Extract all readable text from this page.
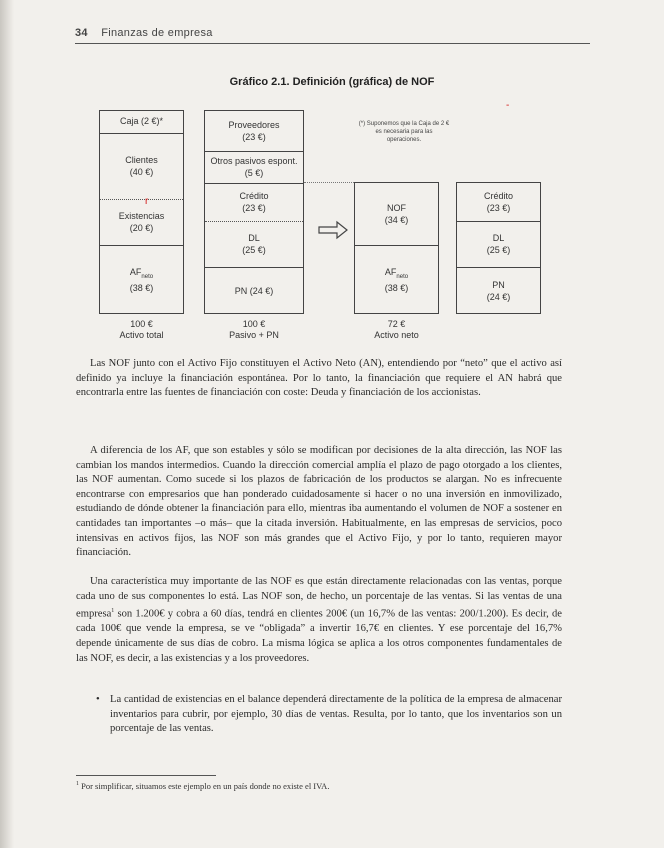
34 Finanzas de empresa
Gráfico 2.1. Definición (gráfica) de NOF
Caja (2 €)*
Clientes
(40 €)
Existencias
(20 €)
$AF_{neto}$
(38 €)
100 €
Activo total
Proveedores
(23 €)
Otros pasivos espont.
(5 €)
Crédito
(23 €)
DL
(25 €)
PN (24 €)
100 €
Pasivo + PN
(*) Suponemos que la Caja de 2 € es necesaria para las operaciones.
NOF
(34 €)
$AF_{neto}$
(38 €)
72 €
Activo neto
Crédito
(23 €)
DL
(25 €)
PN
(24 €)
r
-

Las NOF junto con el Activo Fijo constituyen el Activo Neto (AN), entendiendo por “neto” que el activo así definido ya incluye la financiación espontánea. Por lo tanto, la financiación que requiere el AN habrá que encontrarla entre las fuentes de financiación con coste: Deuda y financiación de los accionistas.

A diferencia de los AF, que son estables y sólo se modifican por decisiones de la alta dirección, las NOF las cambian los mandos intermedios. Cuando la dirección comercial amplía el plazo de pago otorgado a los clientes, las NOF aumentan. Como sucede si los plazos de fabricación de los productos se alargan. No es infrecuente encontrarse con empresarios que han ponderado cuidadosamente si hacer o no una inversión en inmovilizado, estudiando de dónde obtener la financiación para ello, mientras iba aumentando el volumen de NOF a sostener en cantidades tan importantes –o más– que la citada inversión. Habitualmente, en las empresas de servicios, poco intensivas en activos fijos, las NOF son más grandes que el Activo Fijo, y por lo tanto, requieren mayor financiación.

Una característica muy importante de las NOF es que están directamente relacionadas con las ventas, porque cada uno de sus componentes lo está. Las NOF son, de hecho, un porcentaje de las ventas. Si las ventas de una empresa$^1$ son 1.200€ y cobra a 60 días, tendrá en clientes 200€ (un 16,7% de las ventas: 200/1.200). Es decir, de cada 100€ que vende la empresa, se ve “obligada” a invertir 16,7€ en clientes. Y ese porcentaje del 16,7% depende únicamente de sus días de cobro. La misma lógica se aplica a los otros componentes fundamentales de las NOF, es decir, a las existencias y a los proveedores.

• La cantidad de existencias en el balance dependerá directamente de la política de la empresa de almacenar inventarios para cubrir, por ejemplo, 30 días de ventas. Resulta, por lo tanto, que los inventarios son un porcentaje de las ventas.
$^1$ Por simplificar, situamos este ejemplo en un país donde no existe el IVA.
